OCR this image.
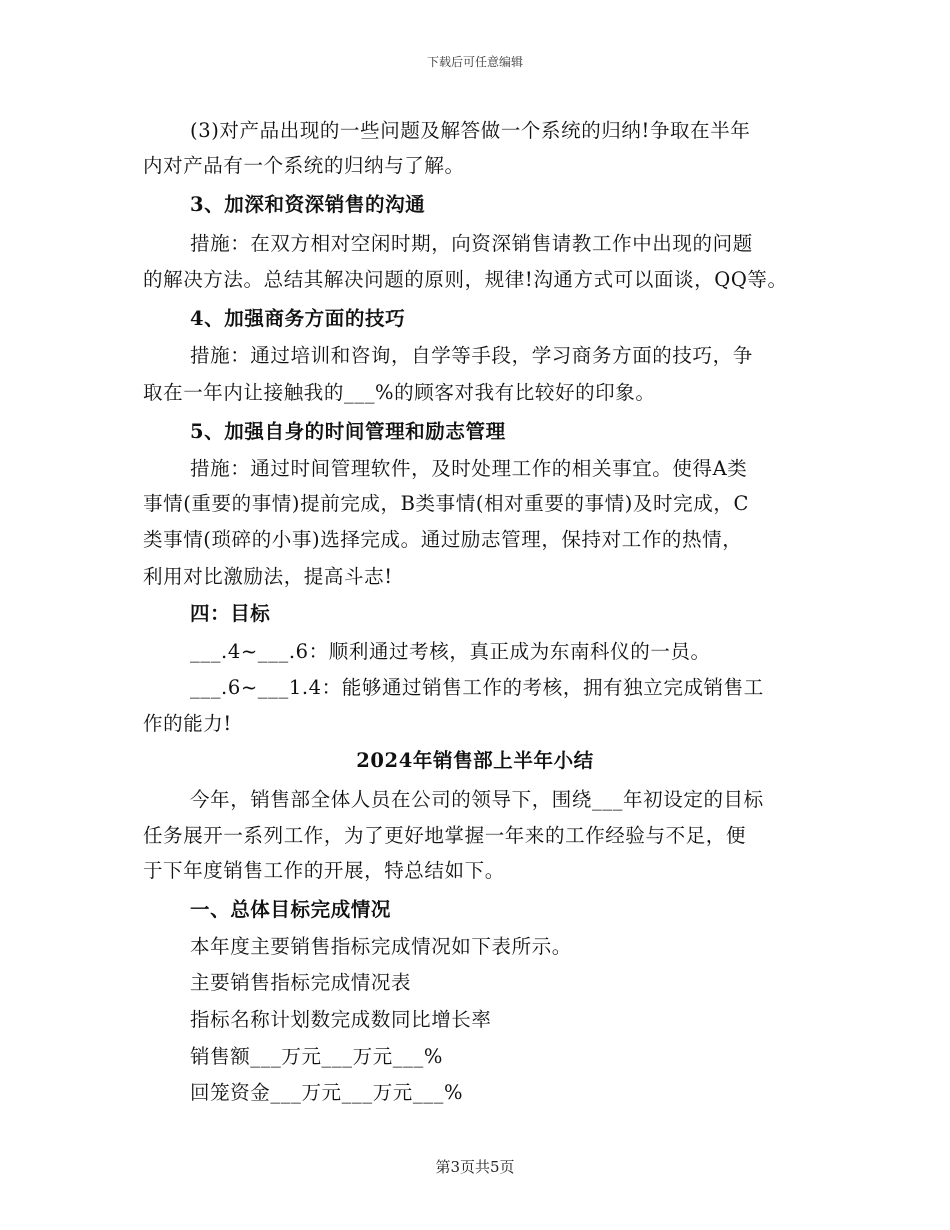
下载后可任意编辑
(3)对产品出现的一些问题及解答做一个系统的归纳!争取在半年
内对产品有一个系统的归纳与了解。
3、加深和资深销售的沟通
措施：在双方相对空闲时期，向资深销售请教工作中出现的问题
的解决方法。总结其解决问题的原则，规律!沟通方式可以面谈，QQ等。
4、加强商务方面的技巧
措施：通过培训和咨询，自学等手段，学习商务方面的技巧，争
取在一年内让接触我的___%的顾客对我有比较好的印象。
5、加强自身的时间管理和励志管理
措施：通过时间管理软件，及时处理工作的相关事宜。使得A类
事情(重要的事情)提前完成，B类事情(相对重要的事情)及时完成，C
类事情(琐碎的小事)选择完成。通过励志管理，保持对工作的热情，
利用对比激励法，提高斗志!
四：目标
___.4~___.6：顺利通过考核，真正成为东南科仪的一员。
___.6~___1.4：能够通过销售工作的考核，拥有独立完成销售工
作的能力!
2024年销售部上半年小结
今年，销售部全体人员在公司的领导下，围绕___年初设定的目标
任务展开一系列工作，为了更好地掌握一年来的工作经验与不足，便
于下年度销售工作的开展，特总结如下。
一、总体目标完成情况
本年度主要销售指标完成情况如下表所示。
主要销售指标完成情况表
指标名称计划数完成数同比增长率
销售额___万元___万元___%
回笼资金___万元___万元___%
第3页共5页
